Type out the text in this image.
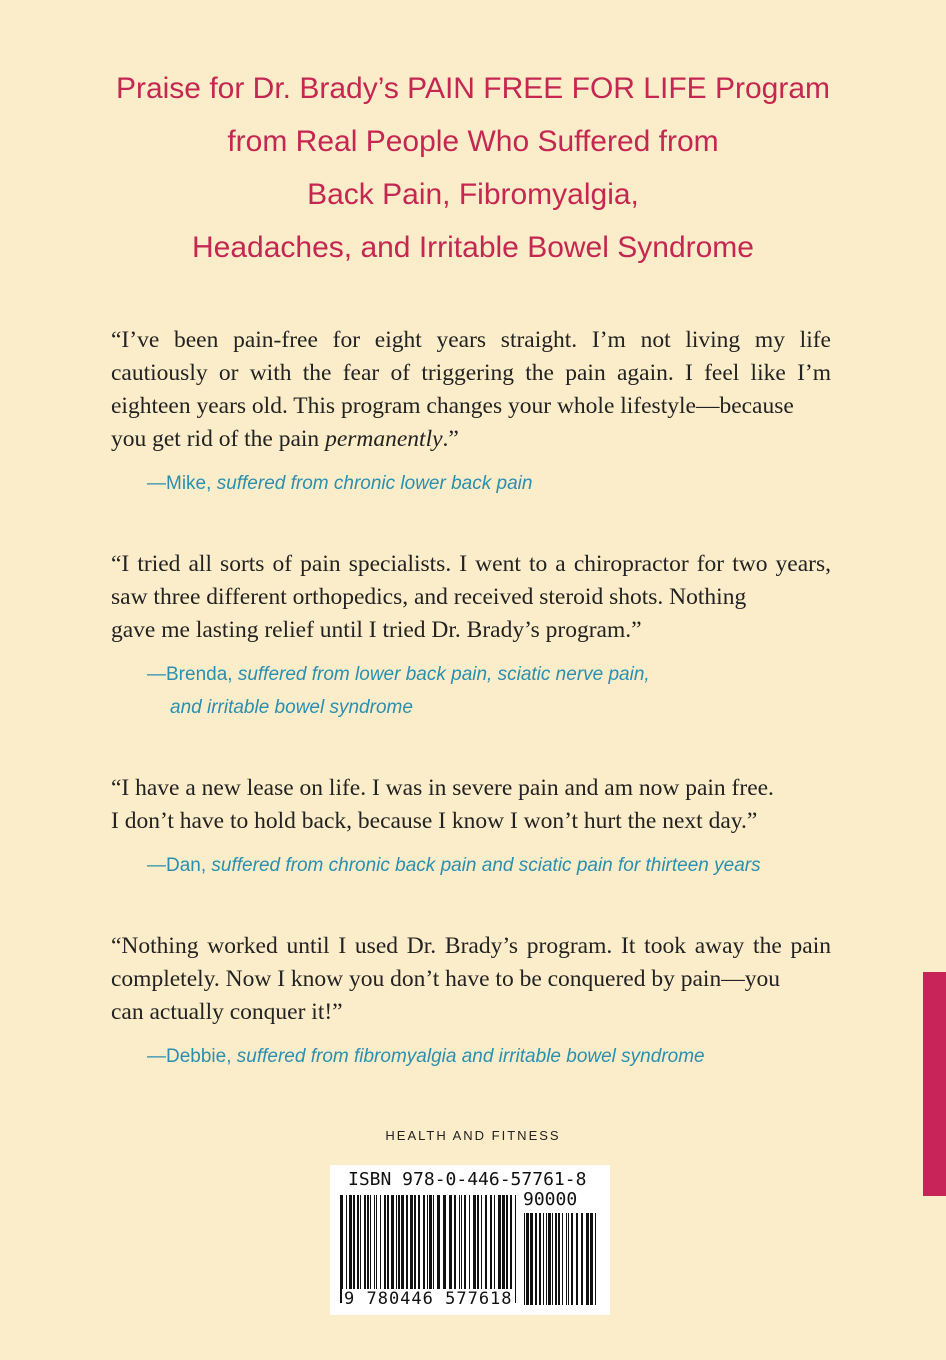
Praise for Dr. Brady’s PAIN FREE FOR LIFE Program
from Real People Who Suffered from
Back Pain, Fibromyalgia,
Headaches, and Irritable Bowel Syndrome
“I’ve been pain-free for eight years straight. I’m not living my life cautiously or with the fear of triggering the pain again. I feel like I’m eighteen years old. This program changes your whole lifestyle—because
you get rid of the pain permanently.”
—Mike, suffered from chronic lower back pain
“I tried all sorts of pain specialists. I went to a chiropractor for two years, saw three different orthopedics, and received steroid shots. Nothing
gave me lasting relief until I tried Dr. Brady’s program.”
—Brenda, suffered from lower back pain, sciatic nerve pain,
and irritable bowel syndrome
“I have a new lease on life. I was in severe pain and am now pain free.
I don’t have to hold back, because I know I won’t hurt the next day.”
—Dan, suffered from chronic back pain and sciatic pain for thirteen years
“Nothing worked until I used Dr. Brady’s program. It took away the pain completely. Now I know you don’t have to be conquered by pain—you
can actually conquer it!”
—Debbie, suffered from fibromyalgia and irritable bowel syndrome
HEALTH AND FITNESS
ISBN 978-0-446-57761-8
90000
9 780446 577618
